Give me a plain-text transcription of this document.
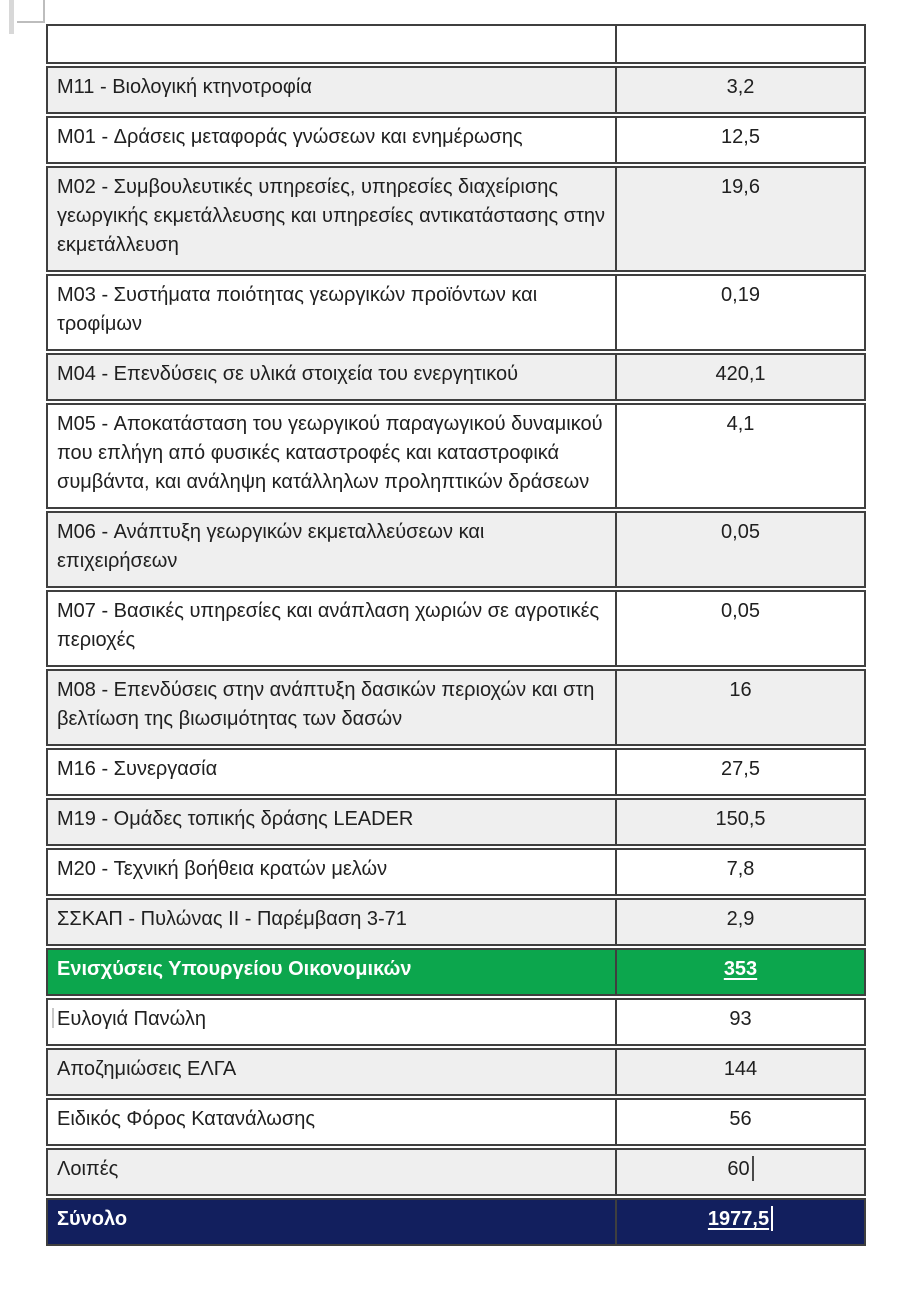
M11 - Βιολογική κτηνοτροφία	3,2
M01 - Δράσεις μεταφοράς γνώσεων και ενημέρωσης	12,5
M02 - Συμβουλευτικές υπηρεσίες, υπηρεσίες διαχείρισης γεωργικής εκμετάλλευσης και υπηρεσίες αντικατάστασης στην εκμετάλλευση	19,6
M03 - Συστήματα ποιότητας γεωργικών προϊόντων και τροφίμων	0,19
M04 - Επενδύσεις σε υλικά στοιχεία του ενεργητικού	420,1
M05 - Αποκατάσταση του γεωργικού παραγωγικού δυναμικού που επλήγη από φυσικές καταστροφές και καταστροφικά συμβάντα, και ανάληψη κατάλληλων προληπτικών δράσεων	4,1
M06 - Ανάπτυξη γεωργικών εκμεταλλεύσεων και επιχειρήσεων	0,05
M07 - Βασικές υπηρεσίες και ανάπλαση χωριών σε αγροτικές περιοχές	0,05
M08 - Επενδύσεις στην ανάπτυξη δασικών περιοχών και στη βελτίωση της βιωσιμότητας των δασών	16
M16 - Συνεργασία	27,5
M19 - Ομάδες τοπικής δράσης LEADER	150,5
M20 - Τεχνική βοήθεια κρατών μελών	7,8
ΣΣΚΑΠ - Πυλώνας II - Παρέμβαση 3-71	2,9
Ενισχύσεις Υπουργείου Οικονομικών	353
Ευλογιά Πανώλη	93
Αποζημιώσεις ΕΛΓΑ	144
Ειδικός Φόρος Κατανάλωσης	56
Λοιπές	60
Σύνολο	1977,5
